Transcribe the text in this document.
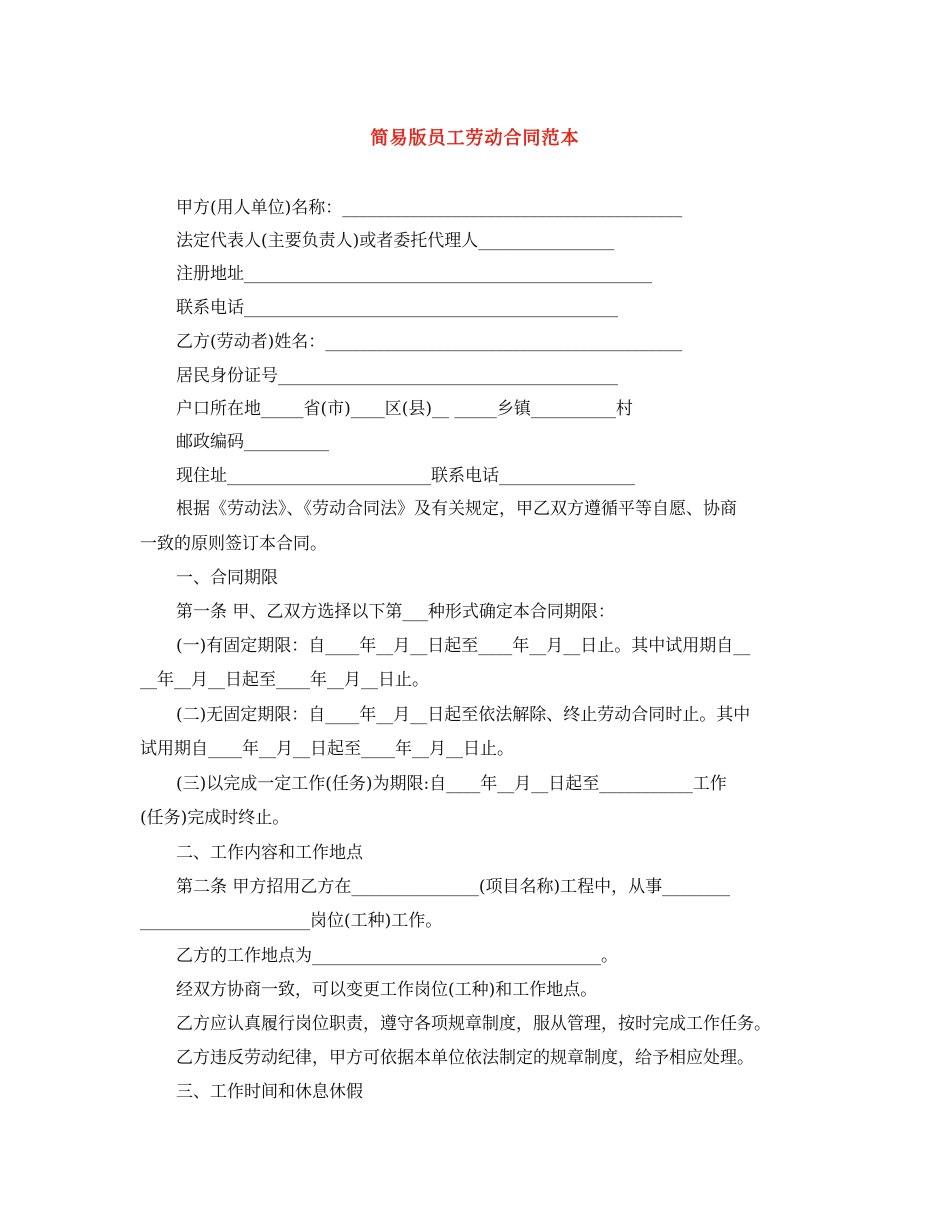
简易版员工劳动合同范本
甲方(用人单位)名称：________________________________________
法定代表人(主要负责人)或者委托代理人________________
注册地址________________________________________________
联系电话____________________________________________
乙方(劳动者)姓名：__________________________________________
居民身份证号________________________________________
户口所在地_____省(市)____区(县)__ _____乡镇__________村
邮政编码__________
现住址________________________联系电话________________
根据《劳动法》、《劳动合同法》及有关规定，甲乙双方遵循平等自愿、协商
一致的原则签订本合同。
一、合同期限
第一条 甲、乙双方选择以下第___种形式确定本合同期限：
(一)有固定期限：自____年__月__日起至____年__月__日止。其中试用期自__
__年__月__日起至____年__月__日止。
(二)无固定期限：自____年__月__日起至依法解除、终止劳动合同时止。其中
试用期自____年__月__日起至____年__月__日止。
(三)以完成一定工作(任务)为期限:自____年__月__日起至___________工作
(任务)完成时终止。
二、工作内容和工作地点
第二条 甲方招用乙方在_______________(项目名称)工程中，从事________
____________________岗位(工种)工作。
乙方的工作地点为__________________________________。
经双方协商一致，可以变更工作岗位(工种)和工作地点。
乙方应认真履行岗位职责，遵守各项规章制度，服从管理，按时完成工作任务。
乙方违反劳动纪律，甲方可依据本单位依法制定的规章制度，给予相应处理。
三、工作时间和休息休假
